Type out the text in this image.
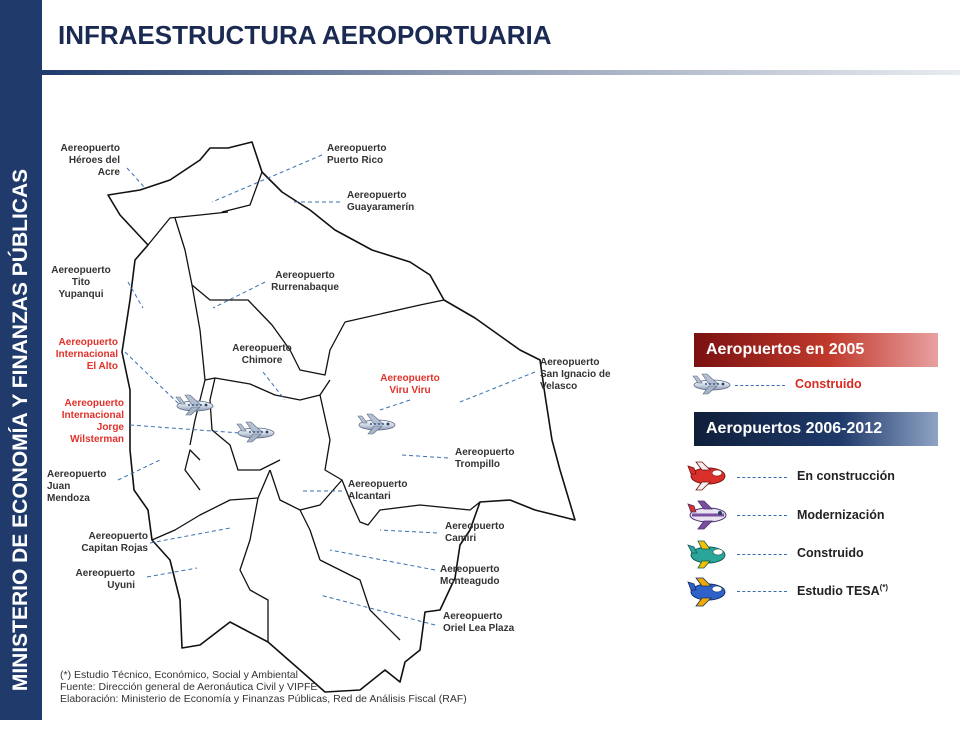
MINISTERIO DE ECONOMÍA Y FINANZAS PÚBLICAS
INFRAESTRUCTURA AEROPORTUARIA
Aereopuerto
Héroes del
Acre
Aereopuerto
Puerto Rico
Aereopuerto
Guayaramerín
Aereopuerto
Tito
Yupanqui
Aereopuerto
Rurrenabaque
Aereopuerto
Internacional
El Alto
Aereopuerto
Chimore
Aereopuerto
Viru Viru
Aereopuerto
San Ignacio de
Velasco
Aereopuerto
Internacional
Jorge
Wilsterman
Aereopuerto
Trompillo
Aereopuerto
Juan
Mendoza
Aereopuerto
Alcantari
Aereopuerto
Camiri
Aereopuerto
Capitan Rojas
Aereopuerto
Monteagudo
Aereopuerto
Uyuni
Aereopuerto
Oriel Lea Plaza
Aeropuertos en 2005
Construido
Aeropuertos 2006-2012
En construcción
Modernización
Construido
Estudio TESA(*)
(*) Estudio Técnico, Económico, Social y Ambiental
Fuente: Dirección general de Aeronáutica Civil y VIPFE
Elaboración: Ministerio de Economía y Finanzas Públicas, Red de Análisis Fiscal (RAF)
